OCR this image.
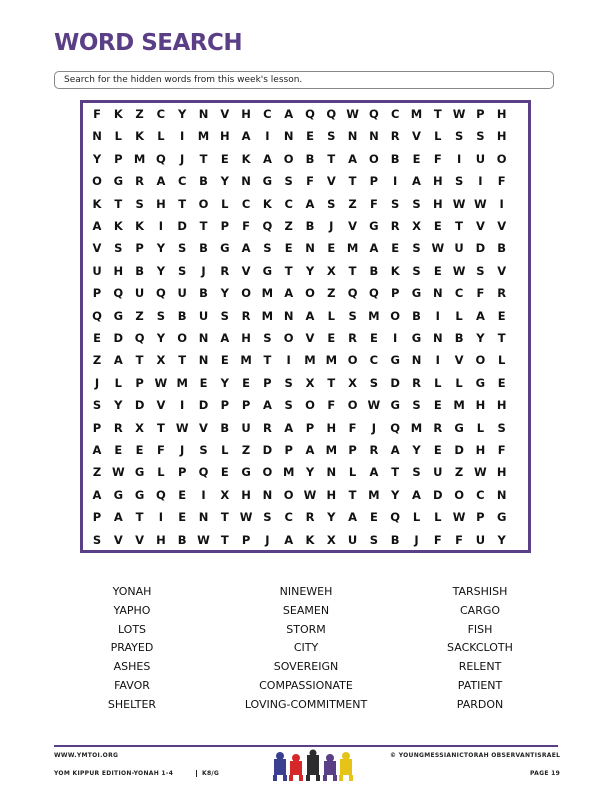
WORD SEARCH
Search for the hidden words from this week's lesson.
F	K	Z	C	Y	N	V	H	C	A	Q	Q W Q	C M	T W P	H
N	L	K	L	I	M H	A	I	N	E	S	N	N	R	V	L	S	S	H
Y	P M Q	J	T	E	K	A	O	B	T	A	O	B	E	F	I	U	O
O	G	R	A	C	B	Y	N	G	S	F	V	T	P	I	A	H	S	I	F
K	T	S	H	T	O	L	C	K	C	A	S	Z	F	S	S	H W W	I
A	K	K	I	D	T	P	F	Q	Z	B	J	V	G	R	X	E	T	V	V
V	S	P	Y	S	B	G	A	S	E	N	E	M A	E	S W U	D	B
U	H	B	Y	S	J	R	V	G	T	Y	X	T	B	K	S	E W S	V
P	Q	U	Q	U	B	Y	O M A	O	Z	Q	Q	P	G	N	C	F	R
Q	G	Z	S	B	U	S	R M N	A	L	S M O	B	I	L	A	E
E	D	Q	Y	O	N	A	H	S	O	V	E	R	E	I	G	N	B	Y	T
Z	A	T	X	T	N	E	M	T	I	M M O	C	G	N	I	V	O	L
J	L	P W M	E	Y	E	P	S	X	T	X	S	D	R	L	L	G	E
S	Y	D	V	I	D	P	P	A	S	O	F	O W G	S	E	M H	H
P	R	X	T W V	B	U	R	A	P	H	F	J	Q M R	G	L	S
A	E	E	F	J	S	L	Z	D	P	A M P	R	A	Y	E	D	H	F
Z W G	L	P	Q	E	G	O M Y	N	L	A	T	S	U	Z W H
A	G	G	Q	E	I	X	H	N	O W H	T	M Y	A	D	O	C	N
P	A	T	I	E	N	T W S	C	R	Y	A	E	Q	L	L W P	G
S	V	V	H	B W T	P	J	A	K	X	U	S	B	J	F	F	U	Y
YONAH	NINEWEH	TARSHISH
YAPHO	SEAMEN	CARGO
LOTS	STORM	FISH
PRAYED	CITY	SACKCLOTH
ASHES	SOVEREIGN	RELENT
FAVOR	COMPASSIONATE	PATIENT
SHELTER	LOVING-COMMITMENT	PARDON
WWW.YMTOI.ORG
YOM KIPPUR EDITION-YONAH 1-4	K8/G
© YOUNGMESSIANICTORAH OBSERVANTISRAEL
PAGE 19
